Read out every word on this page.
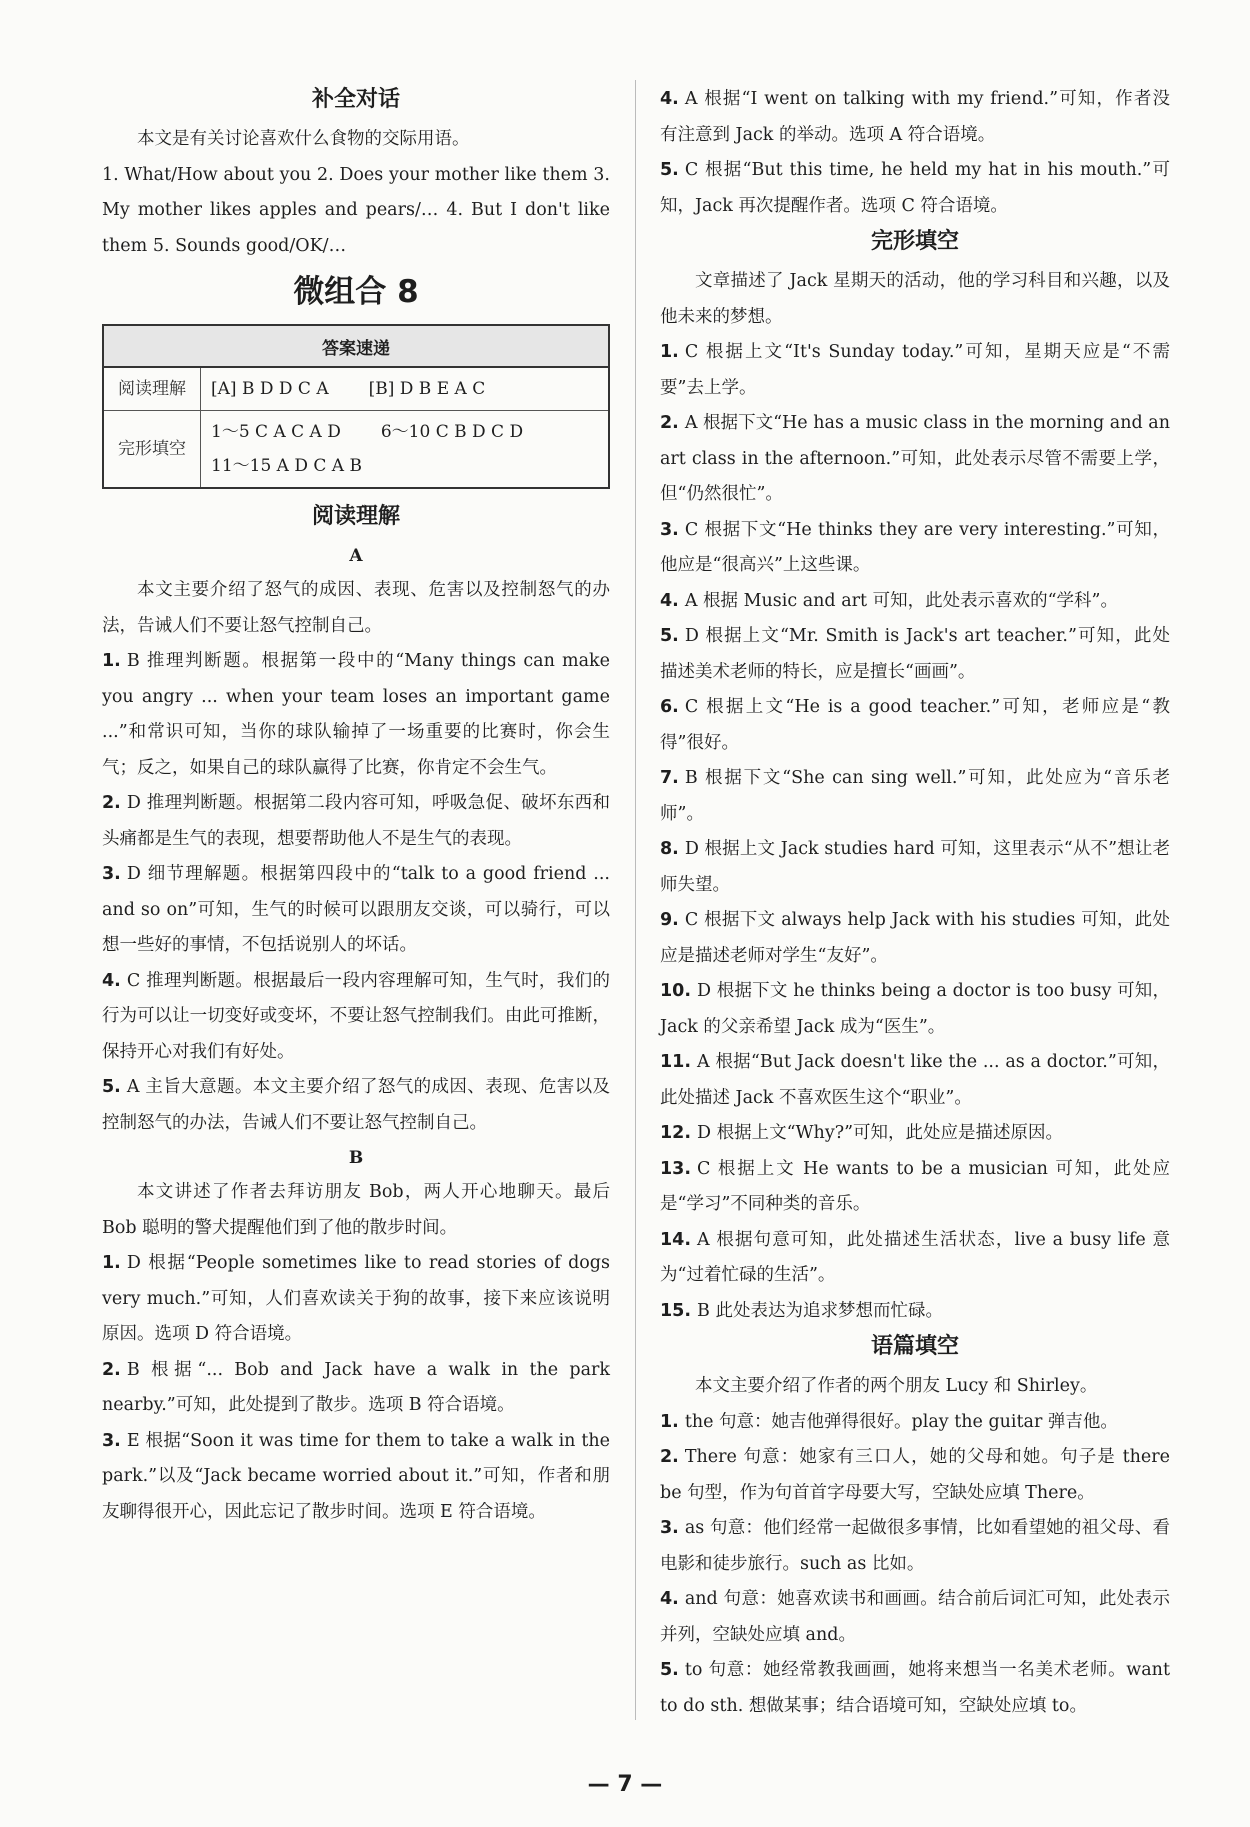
补全对话

本文是有关讨论喜欢什么食物的交际用语。

1. What/How about you 2. Does your mother like them 3. My mother likes apples and pears/… 4. But I don't like them 5. Sounds good/OK/…

微组合 8
答案速递	
阅读理解	[A] B D D C A [B] D B E A C
完形填空	1～5 C A C A D 6～10 C B D C D
11～15 A D C A B
阅读理解
A

本文主要介绍了怒气的成因、表现、危害以及控制怒气的办法，告诫人们不要让怒气控制自己。

1. B 推理判断题。根据第一段中的“Many things can make you angry ... when your team loses an important game ...”和常识可知，当你的球队输掉了一场重要的比赛时，你会生气；反之，如果自己的球队赢得了比赛，你肯定不会生气。

2. D 推理判断题。根据第二段内容可知，呼吸急促、破坏东西和头痛都是生气的表现，想要帮助他人不是生气的表现。

3. D 细节理解题。根据第四段中的“talk to a good friend ... and so on”可知，生气的时候可以跟朋友交谈，可以骑行，可以想一些好的事情，不包括说别人的坏话。

4. C 推理判断题。根据最后一段内容理解可知，生气时，我们的行为可以让一切变好或变坏，不要让怒气控制我们。由此可推断，保持开心对我们有好处。

5. A 主旨大意题。本文主要介绍了怒气的成因、表现、危害以及控制怒气的办法，告诫人们不要让怒气控制自己。

B

本文讲述了作者去拜访朋友 Bob，两人开心地聊天。最后 Bob 聪明的警犬提醒他们到了他的散步时间。

1. D 根据“People sometimes like to read stories of dogs very much.”可知，人们喜欢读关于狗的故事，接下来应该说明原因。选项 D 符合语境。

2. B 根据“... Bob and Jack have a walk in the park nearby.”可知，此处提到了散步。选项 B 符合语境。

3. E 根据“Soon it was time for them to take a walk in the park.”以及“Jack became worried about it.”可知，作者和朋友聊得很开心，因此忘记了散步时间。选项 E 符合语境。

4. A 根据“I went on talking with my friend.”可知，作者没有注意到 Jack 的举动。选项 A 符合语境。

5. C 根据“But this time, he held my hat in his mouth.”可知，Jack 再次提醒作者。选项 C 符合语境。

完形填空

文章描述了 Jack 星期天的活动，他的学习科目和兴趣，以及他未来的梦想。

1. C 根据上文“It's Sunday today.”可知，星期天应是“不需要”去上学。

2. A 根据下文“He has a music class in the morning and an art class in the afternoon.”可知，此处表示尽管不需要上学，但“仍然很忙”。

3. C 根据下文“He thinks they are very interesting.”可知，他应是“很高兴”上这些课。

4. A 根据 Music and art 可知，此处表示喜欢的“学科”。

5. D 根据上文“Mr. Smith is Jack's art teacher.”可知，此处描述美术老师的特长，应是擅长“画画”。

6. C 根据上文“He is a good teacher.”可知，老师应是“教得”很好。

7. B 根据下文“She can sing well.”可知，此处应为“音乐老师”。

8. D 根据上文 Jack studies hard 可知，这里表示“从不”想让老师失望。

9. C 根据下文 always help Jack with his studies 可知，此处应是描述老师对学生“友好”。

10. D 根据下文 he thinks being a doctor is too busy 可知，Jack 的父亲希望 Jack 成为“医生”。

11. A 根据“But Jack doesn't like the ... as a doctor.”可知，此处描述 Jack 不喜欢医生这个“职业”。

12. D 根据上文“Why?”可知，此处应是描述原因。

13. C 根据上文 He wants to be a musician 可知，此处应是“学习”不同种类的音乐。

14. A 根据句意可知，此处描述生活状态，live a busy life 意为“过着忙碌的生活”。

15. B 此处表达为追求梦想而忙碌。

语篇填空

本文主要介绍了作者的两个朋友 Lucy 和 Shirley。

1. the 句意：她吉他弹得很好。play the guitar 弹吉他。

2. There 句意：她家有三口人，她的父母和她。句子是 there be 句型，作为句首首字母要大写，空缺处应填 There。

3. as 句意：他们经常一起做很多事情，比如看望她的祖父母、看电影和徒步旅行。such as 比如。

4. and 句意：她喜欢读书和画画。结合前后词汇可知，此处表示并列，空缺处应填 and。

5. to 句意：她经常教我画画，她将来想当一名美术老师。want to do sth. 想做某事；结合语境可知，空缺处应填 to。

— 7 —
